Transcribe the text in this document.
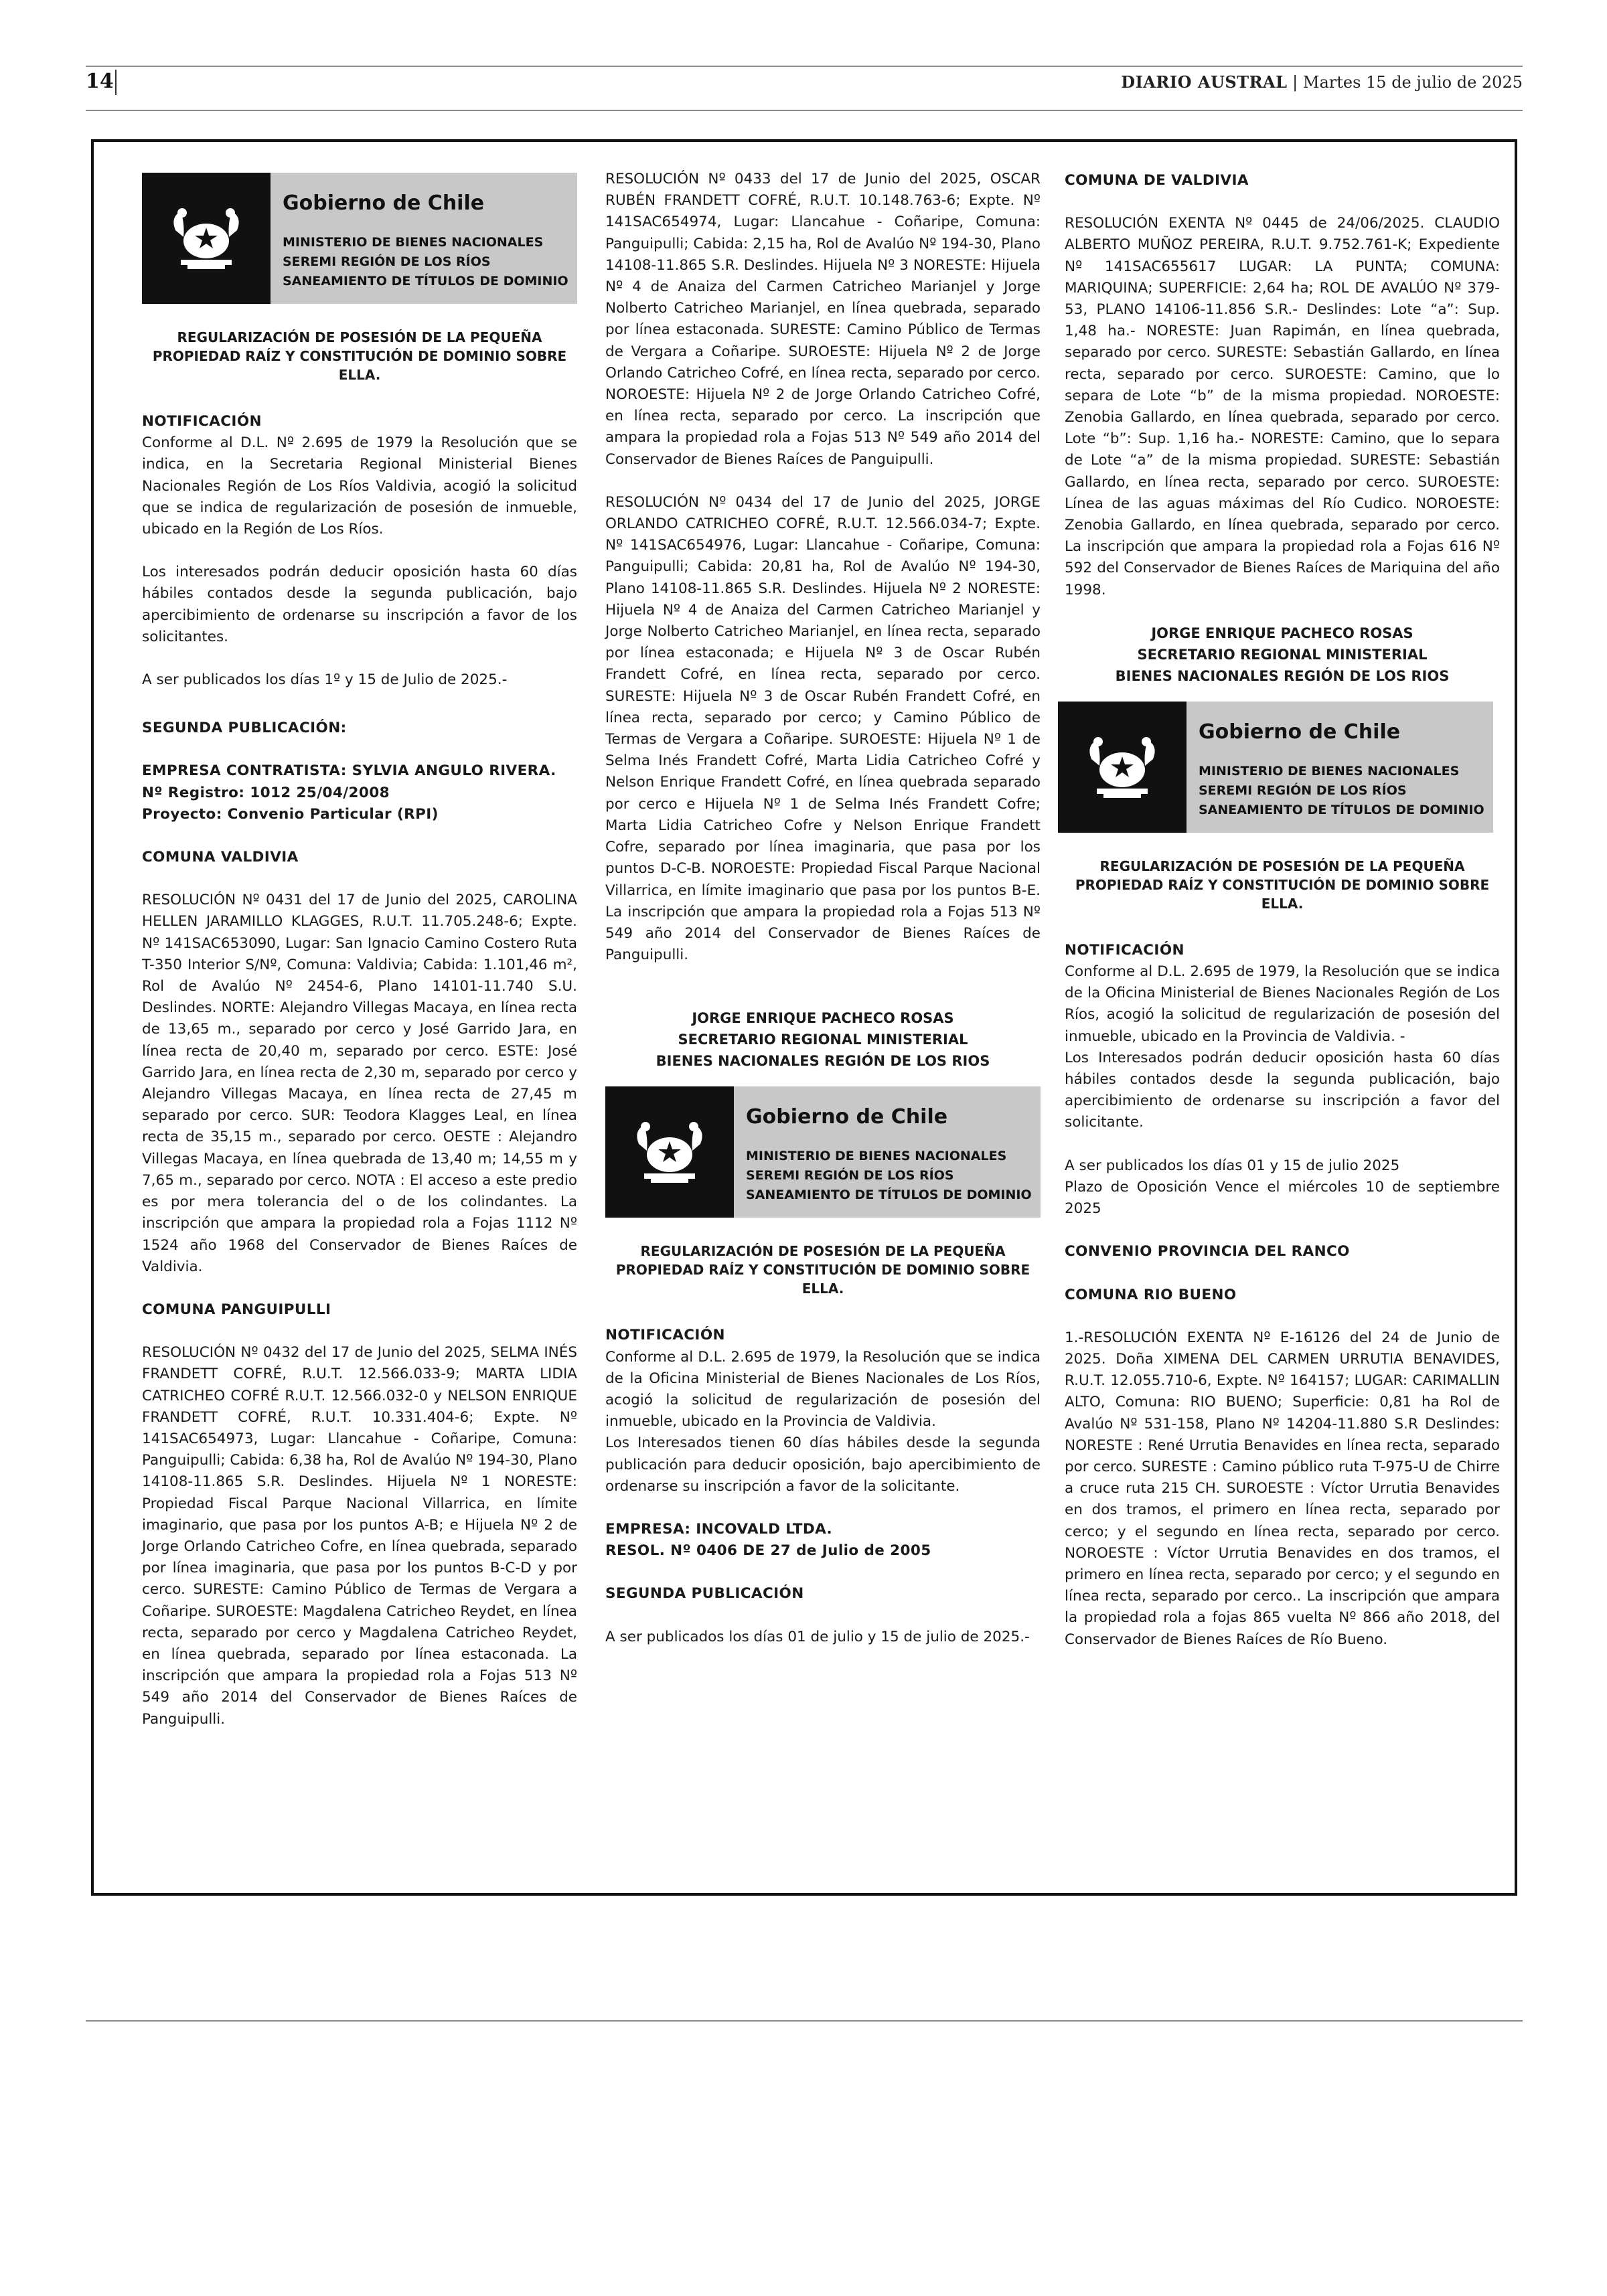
14	DIARIO AUSTRAL | Martes 15 de julio de 2025
Gobierno de Chile
MINISTERIO DE BIENES NACIONALES
SEREMI REGIÓN DE LOS RÍOS
SANEAMIENTO DE TÍTULOS DE DOMINIO
REGULARIZACIÓN DE POSESIÓN DE LA PEQUEÑA
PROPIEDAD RAÍZ Y CONSTITUCIÓN DE DOMINIO SOBRE ELLA.

NOTIFICACIÓN

Conforme al D.L. Nº 2.695 de 1979 la Resolución que se indica, en la Secretaria Regional Ministerial Bienes Nacionales Región de Los Ríos Valdivia, acogió la solicitud que se indica de regularización de posesión de inmueble, ubicado en la Región de Los Ríos.

Los interesados podrán deducir oposición hasta 60 días hábiles contados desde la segunda publicación, bajo apercibimiento de ordenarse su inscripción a favor de los solicitantes.

A ser publicados los días 1º y 15 de Julio de 2025.-

SEGUNDA PUBLICACIÓN:

EMPRESA CONTRATISTA: SYLVIA ANGULO RIVERA.

Nº Registro: 1012 25/04/2008

Proyecto: Convenio Particular (RPI)

COMUNA VALDIVIA

RESOLUCIÓN Nº 0431 del 17 de Junio del 2025, CAROLINA HELLEN JARAMILLO KLAGGES, R.U.T. 11.705.248-6; Expte. Nº 141SAC653090, Lugar: San Ignacio Camino Costero Ruta T-350 Interior S/Nº, Comuna: Valdivia; Cabida: 1.101,46 m², Rol de Avalúo Nº 2454-6, Plano 14101-11.740 S.U. Deslindes. NORTE: Alejandro Villegas Macaya, en línea recta de 13,65 m., separado por cerco y José Garrido Jara, en línea recta de 20,40 m, separado por cerco. ESTE: José Garrido Jara, en línea recta de 2,30 m, separado por cerco y Alejandro Villegas Macaya, en línea recta de 27,45 m separado por cerco. SUR: Teodora Klagges Leal, en línea recta de 35,15 m., separado por cerco. OESTE : Alejandro Villegas Macaya, en línea quebrada de 13,40 m; 14,55 m y 7,65 m., separado por cerco. NOTA : El acceso a este predio es por mera tolerancia del o de los colindantes. La inscripción que ampara la propiedad rola a Fojas 1112 Nº 1524 año 1968 del Conservador de Bienes Raíces de Valdivia.

COMUNA PANGUIPULLI

RESOLUCIÓN Nº 0432 del 17 de Junio del 2025, SELMA INÉS FRANDETT COFRÉ, R.U.T. 12.566.033-9; MARTA LIDIA CATRICHEO COFRÉ R.U.T. 12.566.032-0 y NELSON ENRIQUE FRANDETT COFRÉ, R.U.T. 10.331.404-6; Expte. Nº 141SAC654973, Lugar: Llancahue - Coñaripe, Comuna: Panguipulli; Cabida: 6,38 ha, Rol de Avalúo Nº 194-30, Plano 14108-11.865 S.R. Deslindes. Hijuela Nº 1 NORESTE: Propiedad Fiscal Parque Nacional Villarrica, en límite imaginario, que pasa por los puntos A-B; e Hijuela Nº 2 de Jorge Orlando Catricheo Cofre, en línea quebrada, separado por línea imaginaria, que pasa por los puntos B-C-D y por cerco. SURESTE: Camino Público de Termas de Vergara a Coñaripe. SUROESTE: Magdalena Catricheo Reydet, en línea recta, separado por cerco y Magdalena Catricheo Reydet, en línea quebrada, separado por línea estaconada. La inscripción que ampara la propiedad rola a Fojas 513 Nº 549 año 2014 del Conservador de Bienes Raíces de Panguipulli.

RESOLUCIÓN Nº 0433 del 17 de Junio del 2025, OSCAR RUBÉN FRANDETT COFRÉ, R.U.T. 10.148.763-6; Expte. Nº 141SAC654974, Lugar: Llancahue - Coñaripe, Comuna: Panguipulli; Cabida: 2,15 ha, Rol de Avalúo Nº 194-30, Plano 14108-11.865 S.R. Deslindes. Hijuela Nº 3 NORESTE: Hijuela Nº 4 de Anaiza del Carmen Catricheo Marianjel y Jorge Nolberto Catricheo Marianjel, en línea quebrada, separado por línea estaconada. SURESTE: Camino Público de Termas de Vergara a Coñaripe. SUROESTE: Hijuela Nº 2 de Jorge Orlando Catricheo Cofré, en línea recta, separado por cerco. NOROESTE: Hijuela Nº 2 de Jorge Orlando Catricheo Cofré, en línea recta, separado por cerco. La inscripción que ampara la propiedad rola a Fojas 513 Nº 549 año 2014 del Conservador de Bienes Raíces de Panguipulli.

RESOLUCIÓN Nº 0434 del 17 de Junio del 2025, JORGE ORLANDO CATRICHEO COFRÉ, R.U.T. 12.566.034-7; Expte. Nº 141SAC654976, Lugar: Llancahue - Coñaripe, Comuna: Panguipulli; Cabida: 20,81 ha, Rol de Avalúo Nº 194-30, Plano 14108-11.865 S.R. Deslindes. Hijuela Nº 2 NORESTE: Hijuela Nº 4 de Anaiza del Carmen Catricheo Marianjel y Jorge Nolberto Catricheo Marianjel, en línea recta, separado por línea estaconada; e Hijuela Nº 3 de Oscar Rubén Frandett Cofré, en línea recta, separado por cerco. SURESTE: Hijuela Nº 3 de Oscar Rubén Frandett Cofré, en línea recta, separado por cerco; y Camino Público de Termas de Vergara a Coñaripe. SUROESTE: Hijuela Nº 1 de Selma Inés Frandett Cofré, Marta Lidia Catricheo Cofré y Nelson Enrique Frandett Cofré, en línea quebrada separado por cerco e Hijuela Nº 1 de Selma Inés Frandett Cofre; Marta Lidia Catricheo Cofre y Nelson Enrique Frandett Cofre, separado por línea imaginaria, que pasa por los puntos D-C-B. NOROESTE: Propiedad Fiscal Parque Nacional Villarrica, en límite imaginario que pasa por los puntos B-E. La inscripción que ampara la propiedad rola a Fojas 513 Nº 549 año 2014 del Conservador de Bienes Raíces de Panguipulli.

JORGE ENRIQUE PACHECO ROSAS
SECRETARIO REGIONAL MINISTERIAL
BIENES NACIONALES REGIÓN DE LOS RIOS
Gobierno de Chile
MINISTERIO DE BIENES NACIONALES
SEREMI REGIÓN DE LOS RÍOS
SANEAMIENTO DE TÍTULOS DE DOMINIO
REGULARIZACIÓN DE POSESIÓN DE LA PEQUEÑA
PROPIEDAD RAÍZ Y CONSTITUCIÓN DE DOMINIO SOBRE ELLA.

NOTIFICACIÓN

Conforme al D.L. 2.695 de 1979, la Resolución que se indica de la Oficina Ministerial de Bienes Nacionales de Los Ríos, acogió la solicitud de regularización de posesión del inmueble, ubicado en la Provincia de Valdivia.

Los Interesados tienen 60 días hábiles desde la segunda publicación para deducir oposición, bajo apercibimiento de ordenarse su inscripción a favor de la solicitante.

EMPRESA: INCOVALD LTDA.

RESOL. Nº 0406 DE 27 de Julio de 2005

SEGUNDA PUBLICACIÓN

A ser publicados los días 01 de julio y 15 de julio de 2025.-

COMUNA DE VALDIVIA

RESOLUCIÓN EXENTA Nº 0445 de 24/06/2025. CLAUDIO ALBERTO MUÑOZ PEREIRA, R.U.T. 9.752.761-K; Expediente Nº 141SAC655617 LUGAR: LA PUNTA; COMUNA: MARIQUINA; SUPERFICIE: 2,64 ha; ROL DE AVALÚO Nº 379-53, PLANO 14106-11.856 S.R.- Deslindes: Lote “a”: Sup. 1,48 ha.- NORESTE: Juan Rapimán, en línea quebrada, separado por cerco. SURESTE: Sebastián Gallardo, en línea recta, separado por cerco. SUROESTE: Camino, que lo separa de Lote “b” de la misma propiedad. NOROESTE: Zenobia Gallardo, en línea quebrada, separado por cerco. Lote “b”: Sup. 1,16 ha.- NORESTE: Camino, que lo separa de Lote “a” de la misma propiedad. SURESTE: Sebastián Gallardo, en línea recta, separado por cerco. SUROESTE: Línea de las aguas máximas del Río Cudico. NOROESTE: Zenobia Gallardo, en línea quebrada, separado por cerco. La inscripción que ampara la propiedad rola a Fojas 616 Nº 592 del Conservador de Bienes Raíces de Mariquina del año 1998.

JORGE ENRIQUE PACHECO ROSAS
SECRETARIO REGIONAL MINISTERIAL
BIENES NACIONALES REGIÓN DE LOS RIOS
Gobierno de Chile
MINISTERIO DE BIENES NACIONALES
SEREMI REGIÓN DE LOS RÍOS
SANEAMIENTO DE TÍTULOS DE DOMINIO
REGULARIZACIÓN DE POSESIÓN DE LA PEQUEÑA
PROPIEDAD RAÍZ Y CONSTITUCIÓN DE DOMINIO SOBRE ELLA.

NOTIFICACIÓN

Conforme al D.L. 2.695 de 1979, la Resolución que se indica de la Oficina Ministerial de Bienes Nacionales Región de Los Ríos, acogió la solicitud de regularización de posesión del inmueble, ubicado en la Provincia de Valdivia. -

Los Interesados podrán deducir oposición hasta 60 días hábiles contados desde la segunda publicación, bajo apercibimiento de ordenarse su inscripción a favor del solicitante.

A ser publicados los días 01 y 15 de julio 2025

Plazo de Oposición Vence el miércoles 10 de septiembre 2025

CONVENIO PROVINCIA DEL RANCO

COMUNA RIO BUENO

1.-RESOLUCIÓN EXENTA Nº E-16126 del 24 de Junio de 2025. Doña XIMENA DEL CARMEN URRUTIA BENAVIDES, R.U.T. 12.055.710-6, Expte. Nº 164157; LUGAR: CARIMALLIN ALTO, Comuna: RIO BUENO; Superficie: 0,81 ha Rol de Avalúo Nº 531-158, Plano Nº 14204-11.880 S.R Deslindes: NORESTE : René Urrutia Benavides en línea recta, separado por cerco. SURESTE : Camino público ruta T-975-U de Chirre a cruce ruta 215 CH. SUROESTE : Víctor Urrutia Benavides en dos tramos, el primero en línea recta, separado por cerco; y el segundo en línea recta, separado por cerco. NOROESTE : Víctor Urrutia Benavides en dos tramos, el primero en línea recta, separado por cerco; y el segundo en línea recta, separado por cerco.. La inscripción que ampara la propiedad rola a fojas 865 vuelta Nº 866 año 2018, del Conservador de Bienes Raíces de Río Bueno.
